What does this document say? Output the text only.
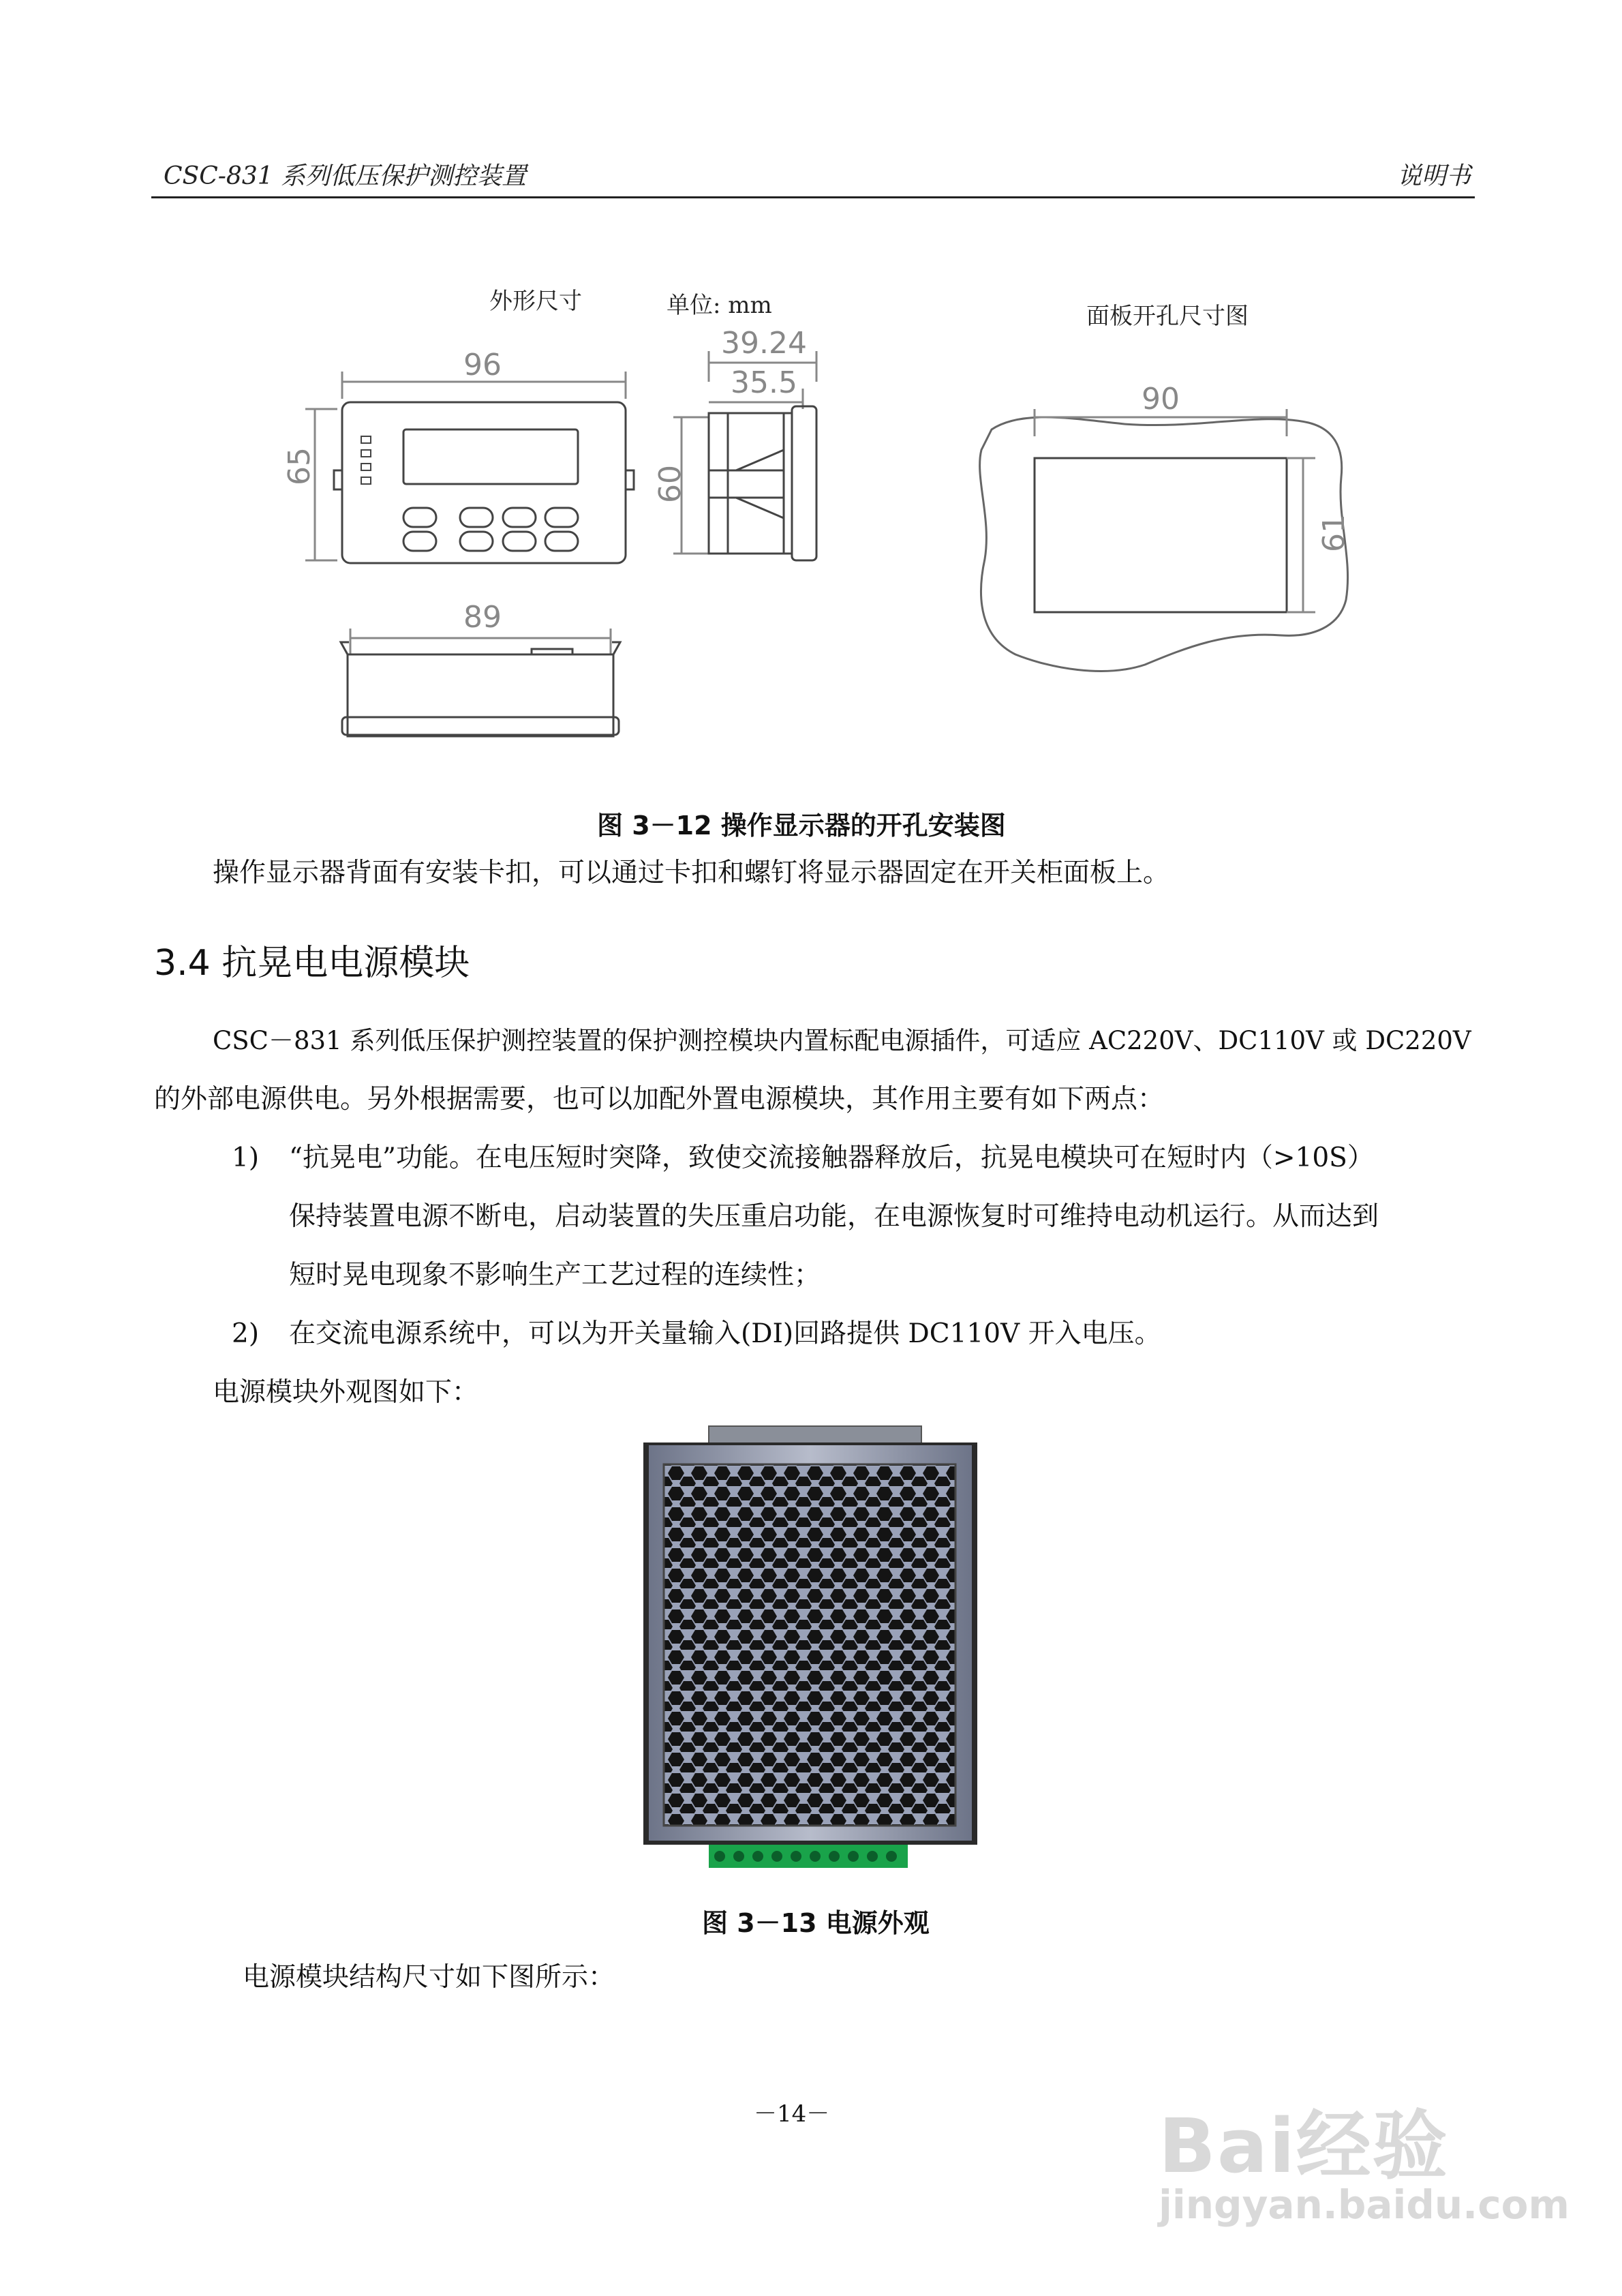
CSC-831 系列低压保护测控装置	说明书
外形尺寸	单位: mm	面板开孔尺寸图
96
65
39.24
35.5
60
89
90
61
图 3－12 操作显示器的开孔安装图
操作显示器背面有安装卡扣，可以通过卡扣和螺钉将显示器固定在开关柜面板上。
3.4 抗晃电电源模块
CSC－831 系列低压保护测控装置的保护测控模块内置标配电源插件，可适应 AC220V、DC110V 或 DC220V
的外部电源供电。另外根据需要，也可以加配外置电源模块，其作用主要有如下两点：
1) “抗晃电”功能。在电压短时突降，致使交流接触器释放后，抗晃电模块可在短时内（>10S）
保持装置电源不断电，启动装置的失压重启功能，在电源恢复时可维持电动机运行。从而达到
短时晃电现象不影响生产工艺过程的连续性；
2) 在交流电源系统中，可以为开关量输入(DI)回路提供 DC110V 开入电压。
电源模块外观图如下：
图 3－13 电源外观
电源模块结构尺寸如下图所示：
－14－	Bai经验
jingyan.baidu.com
